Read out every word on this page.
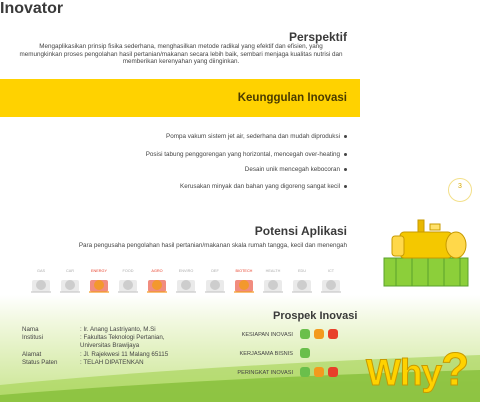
Perspektif
Mengaplikasikan prinsip fisika sederhana, menghasilkan metode radikal yang efektif dan efisien, yang memungkinkan proses pengolahan hasil pertanian/makanan secara lebih baik, sembari menjaga kualitas nutrisi dan memberikan kerenyahan yang diinginkan.
Keunggulan Inovasi
Pompa vakum sistem jet air, sederhana dan mudah diproduksi
Posisi tabung penggorengan yang horizontal, mencegah over-heating
Desain unik mencegah kebocoran
Kerusakan minyak dan bahan yang digoreng sangat kecil	3
Potensi Aplikasi
Para pengusaha pengolahan hasil pertanian/makanan skala rumah tangga, kecil dan menengah
GAS	CAR	ENERGY	FOOD	AGRO	ENVIRO	DEF	BIOTECH	HEALTH	EDU	ICT
Inovator
Nama	: Ir. Anang Lastriyanto, M.Si
Institusi	: Fakultas Teknologi Pertanian,
Universitas Brawijaya
Alamat	: Jl. Rajekwesi 11 Malang 65115
Status Paten	: TELAH DIPATENKAN
Prospek Inovasi
KESIAPAN INOVASI
KERJASAMA BISNIS
PERINGKAT INOVASI Why?
